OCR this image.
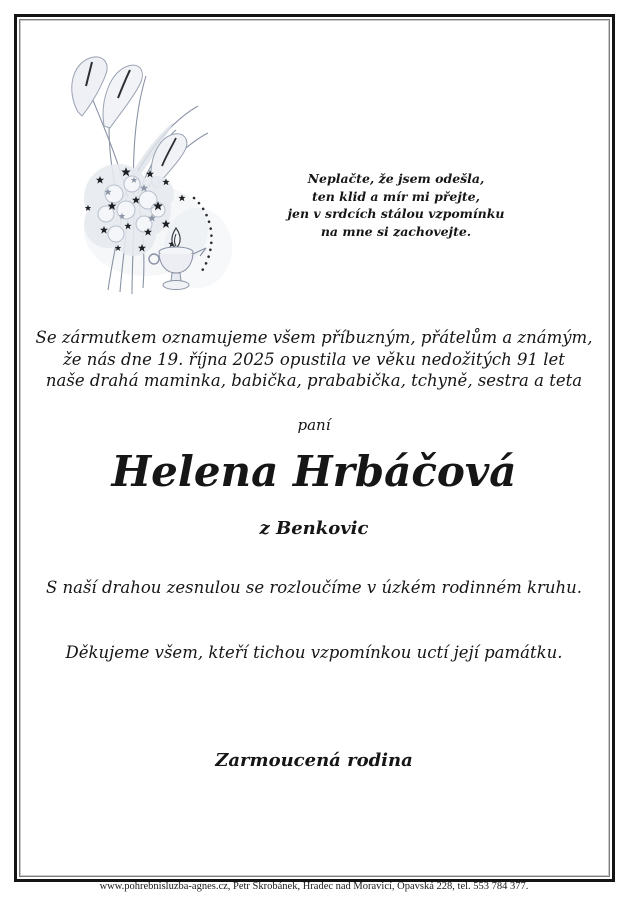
Neplačte, že jsem odešla,
ten klid a mír mi přejte,
jen v srdcích stálou vzpomínku
na mne si zachovejte.
Se zármutkem oznamujeme všem příbuzným, přátelům a známým,
že nás dne 19. října 2025 opustila ve věku nedožitých 91 let
naše drahá maminka, babička, prababička, tchyně, sestra a teta
paní
Helena Hrbáčová
z Benkovic
S naší drahou zesnulou se rozloučíme v úzkém rodinném kruhu.
Děkujeme všem, kteří tichou vzpomínkou uctí její památku.
Zarmoucená rodina
www.pohrebnisluzba-agnes.cz, Petr Škrobánek, Hradec nad Moravicí, Opavská 228, tel. 553 784 377.
